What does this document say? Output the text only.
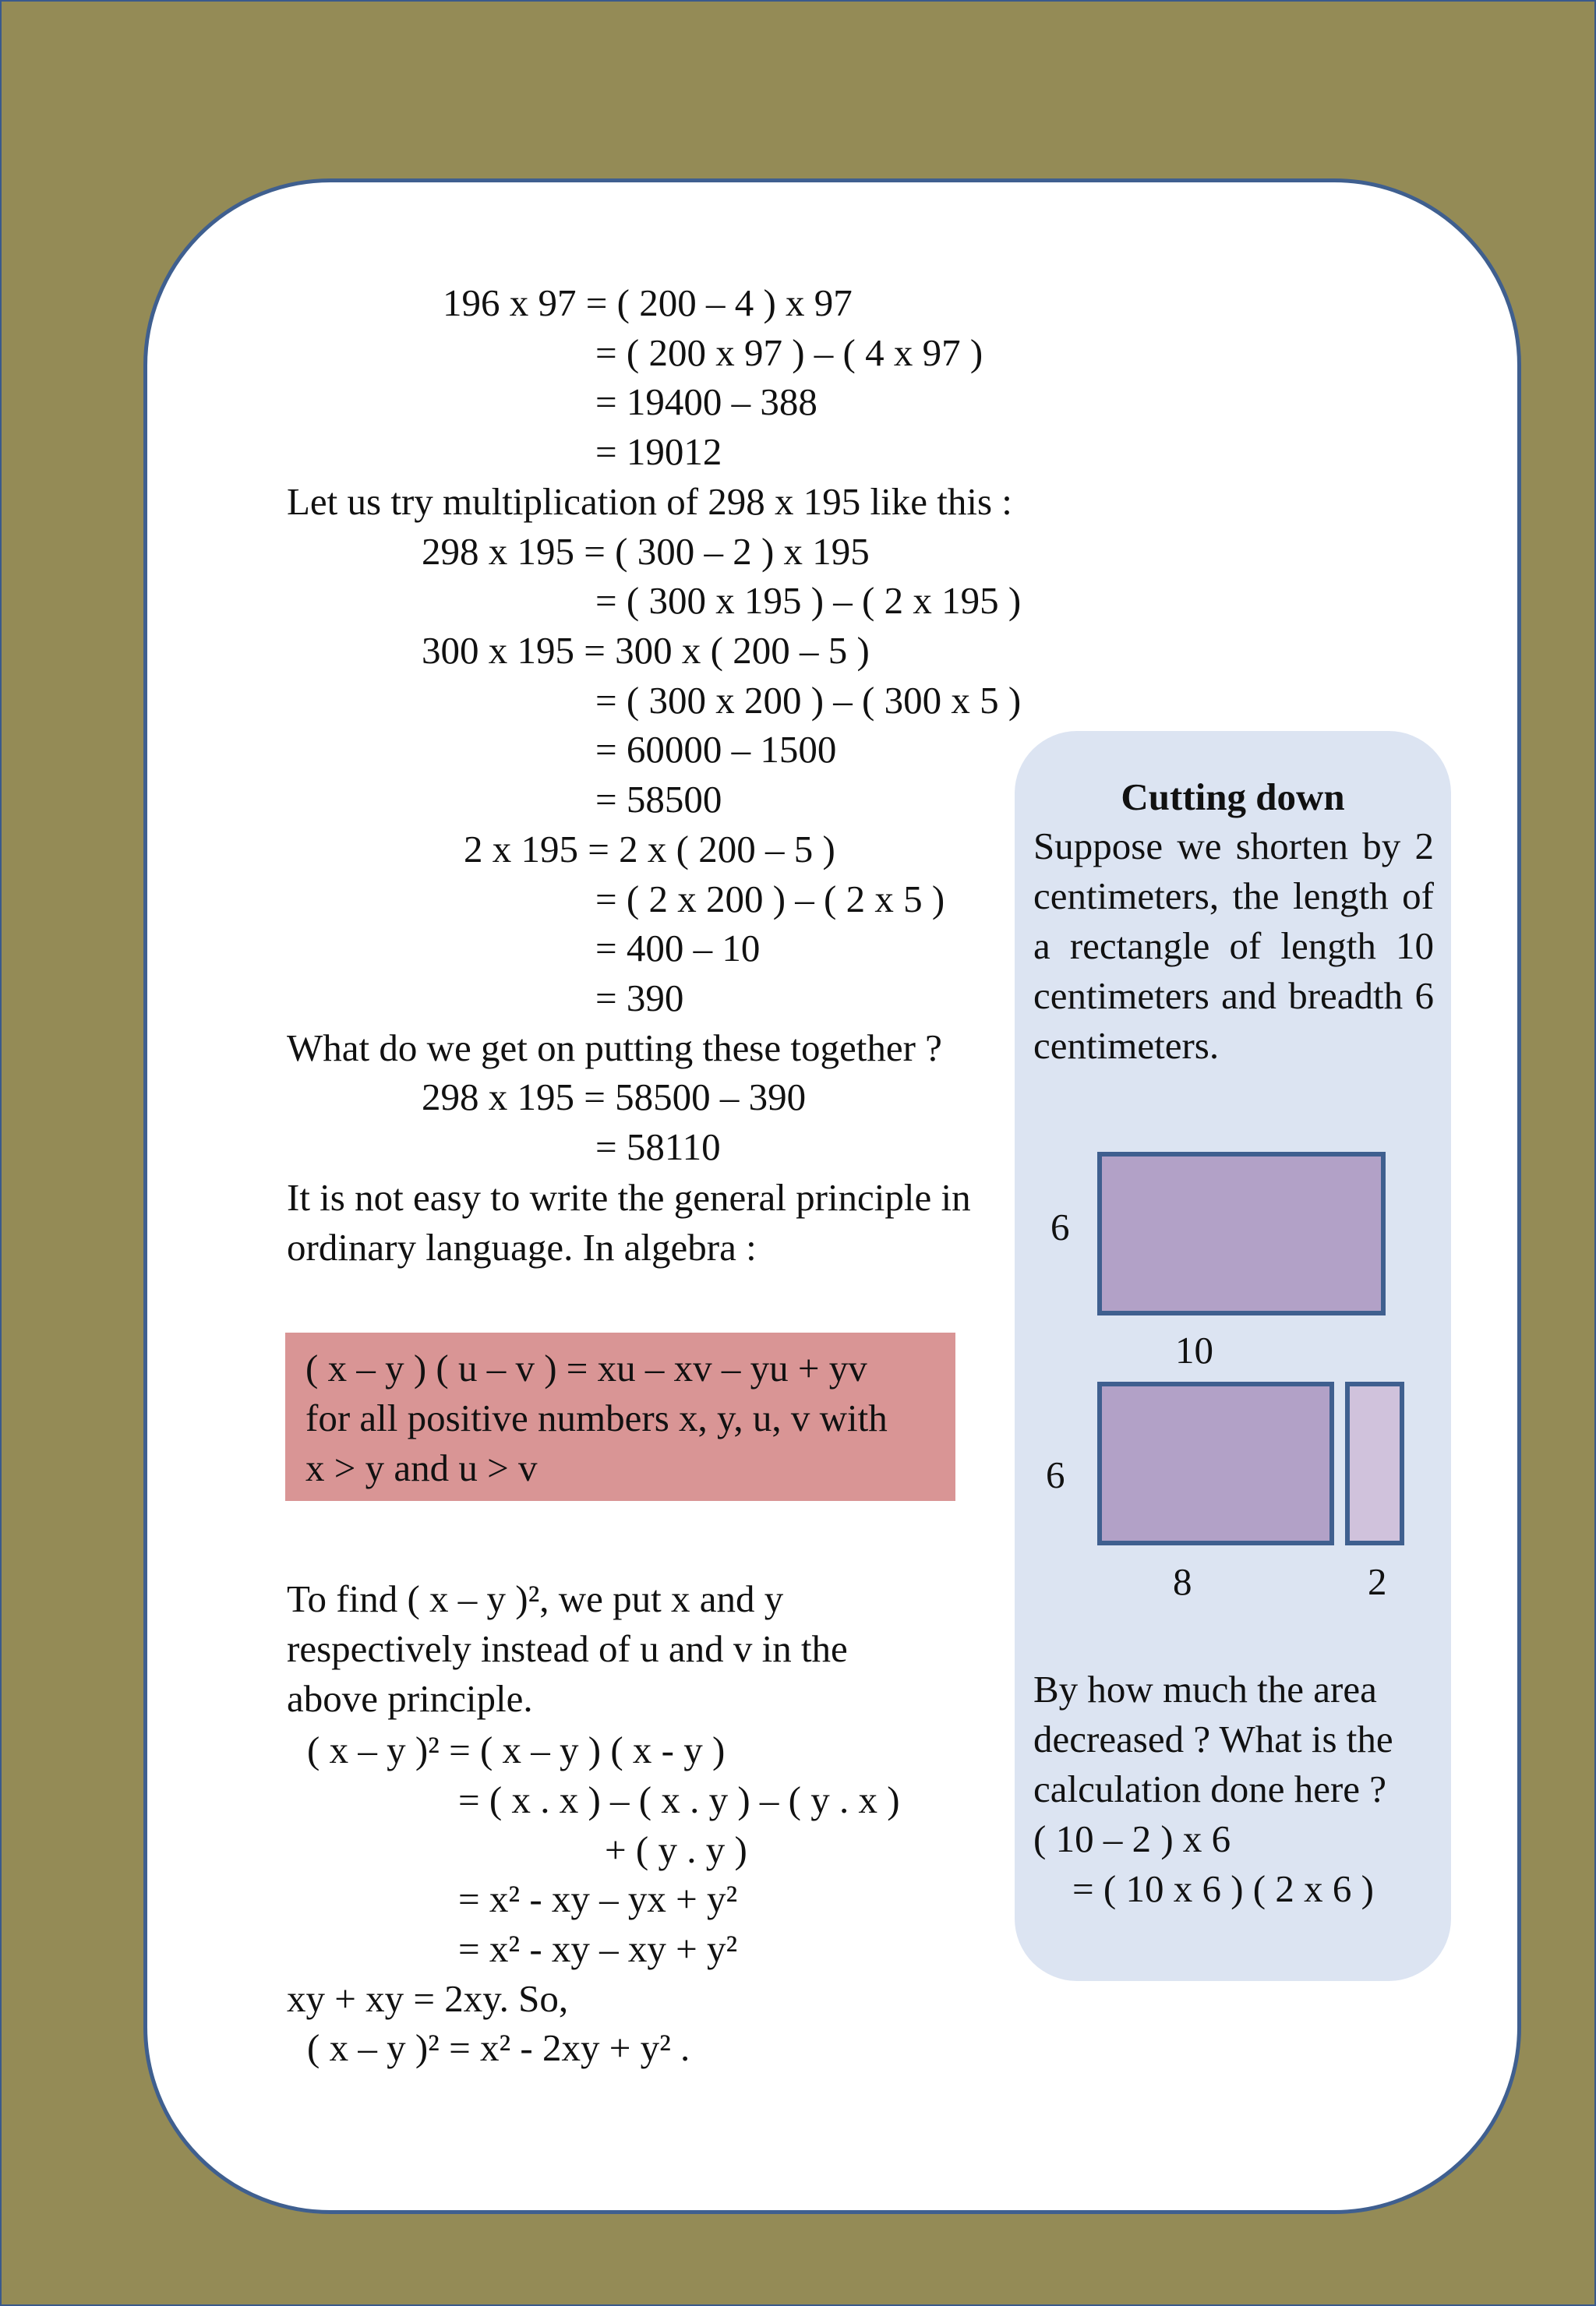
196 x 97 = ( 200 – 4 ) x 97
= ( 200 x 97 ) – ( 4 x 97 )
= 19400 – 388
= 19012
Let us try multiplication of 298 x 195 like this :
298 x 195 = ( 300 – 2 ) x 195
= ( 300 x 195 ) – ( 2 x 195 )
300 x 195 = 300 x ( 200 – 5 )
= ( 300 x 200 ) – ( 300 x 5 )
= 60000 – 1500
= 58500
2 x 195 = 2 x ( 200 – 5 )
= ( 2 x 200 ) – ( 2 x 5 )
= 400 – 10
= 390
What do we get on putting these together ?
298 x 195 = 58500 – 390
= 58110
It is not easy to write the general principle in ordinary language. In algebra :
( x – y ) ( u – v ) = xu – xv – yu + yv
for all positive numbers x, y, u, v with
x > y and u > v
To find ( x – y )², we put x and y respectively instead of u and v in the above principle.
( x – y )² = ( x – y ) ( x - y )
= ( x . x ) – ( x . y ) – ( y . x )
+ ( y . y )
= x² - xy – yx + y²
= x² - xy – xy + y²
xy + xy = 2xy. So,
( x – y )² = x² - 2xy + y² .
Cutting down
Suppose we shorten by 2 centimeters, the length of a rectangle of length 10 centimeters and breadth 6 centimeters.
6
10
6
8	2
By how much the area
decreased ? What is the
calculation done here ?
( 10 – 2 ) x 6
= ( 10 x 6 ) ( 2 x 6 )
